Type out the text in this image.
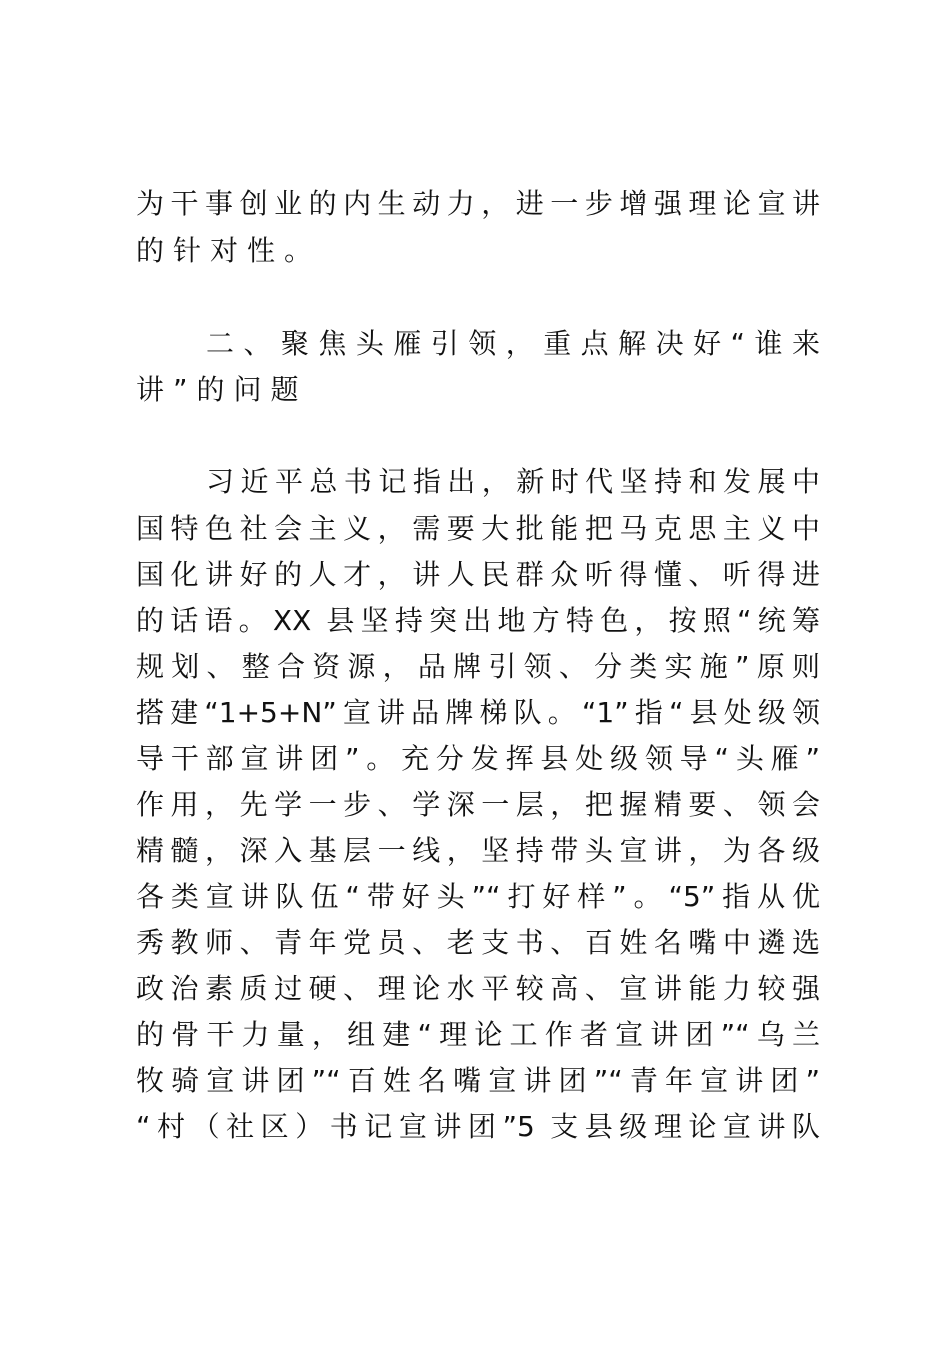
为干事创业的内生动力，进一步增强理论宣讲
的针对性。
二、聚焦头雁引领，重点解决好“谁来
讲”的问题
习近平总书记指出，新时代坚持和发展中
国特色社会主义，需要大批能把马克思主义中
国化讲好的人才，讲人民群众听得懂、听得进
的话语。XX 县坚持突出地方特色，按照“统筹
规划、整合资源，品牌引领、分类实施”原则
搭建“1+5+N”宣讲品牌梯队。“1”指“县处级领
导干部宣讲团”。充分发挥县处级领导“头雁”
作用，先学一步、学深一层，把握精要、领会
精髓，深入基层一线，坚持带头宣讲，为各级
各类宣讲队伍“带好头”“打好样”。“5”指从优
秀教师、青年党员、老支书、百姓名嘴中遴选
政治素质过硬、理论水平较高、宣讲能力较强
的骨干力量，组建“理论工作者宣讲团”“乌兰
牧骑宣讲团”“百姓名嘴宣讲团”“青年宣讲团”
“村（社区）书记宣讲团”5 支县级理论宣讲队
